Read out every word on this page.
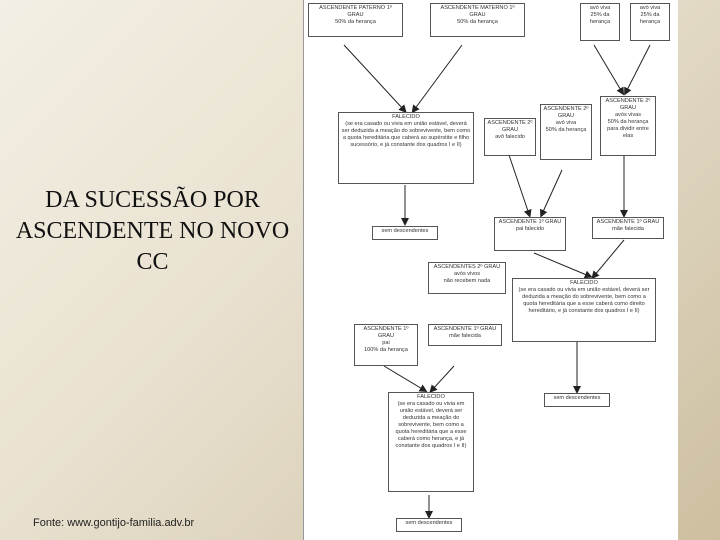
DA SUCESSÃO POR ASCENDENTE NO NOVO CC
Fonte: www.gontijo-familia.adv.br
ASCENDENTE PATERNO 1º GRAU
50% da herança
ASCENDENTE MATERNO 1º GRAU
50% da herança
avó viva
25% da herança
avó viva
25% da herança
FALECIDO
(se era casado ou vivia em união estável, deverá ser deduzida a meação do sobrevivente, bem como a quota hereditária que caberá ao supérstite e filho sucessório, e já constante dos quadros I e II)
ASCENDENTE 2º GRAU
avô falecido
ASCENDENTE 2º GRAU
avó viva
50% da herança
ASCENDENTE 2º GRAU
avós vivas
50% da herança para dividir entre elas
sem descendentes
ASCENDENTE 1º GRAU
pai falecido
ASCENDENTE 1º GRAU
mãe falecida
ASCENDENTES 2º GRAU
avós vivos
não recebem nada	FALECIDO
(se era casado ou vivia em união estável, deverá ser deduzida a meação do sobrevivente, bem como a quota hereditária que a esse caberá como direito hereditário, e já constante dos quadros I e II)
ASCENDENTE 1º GRAU
pai
100% da herança
ASCENDENTE 1º GRAU
mãe falecida
sem descendentes
FALECIDO
(se era casado ou vivia em união estável, deverá ser deduzida a meação do sobrevivente, bem como a quota hereditária que a esse caberá como herança, e já constante dos quadros I e II)
sem descendentes
